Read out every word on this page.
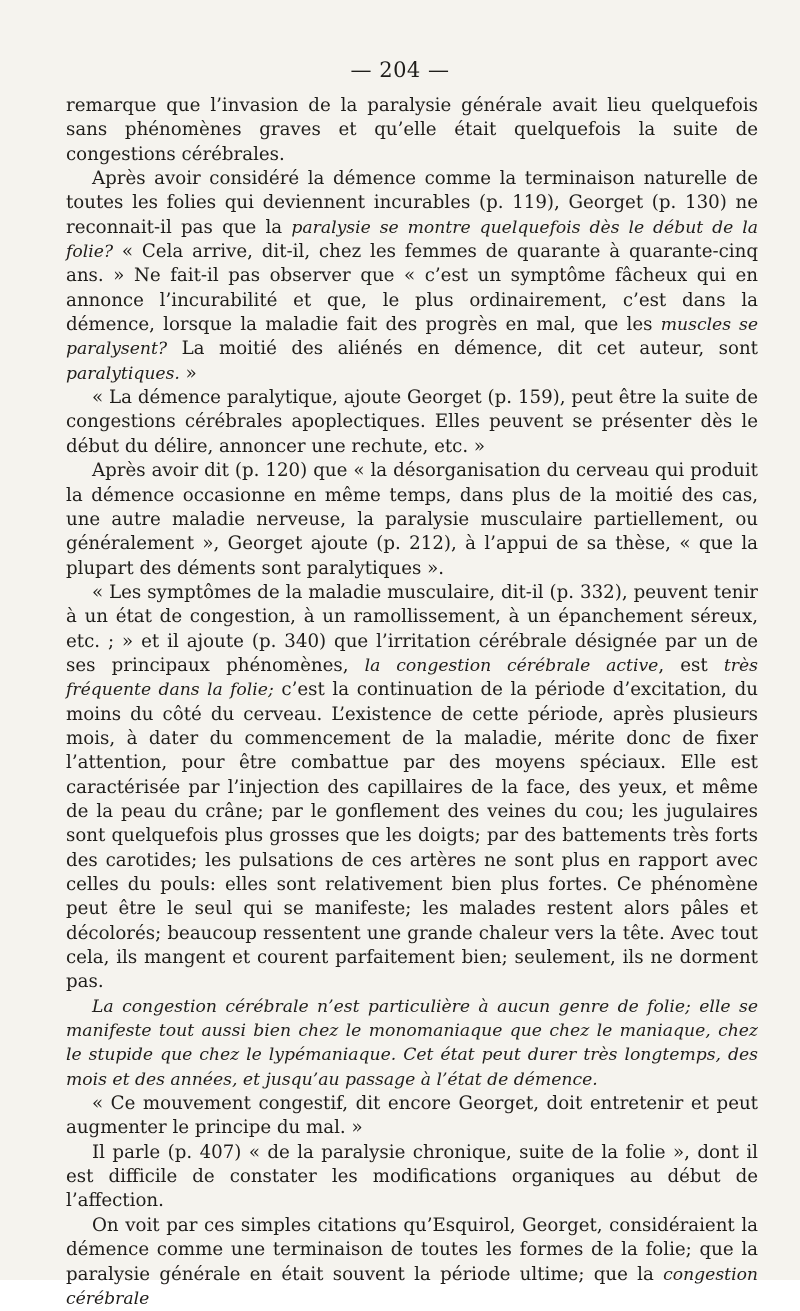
— 204 —

remarque que l’invasion de la paralysie générale avait lieu quelquefois sans phénomènes graves et qu’elle était quelquefois la suite de congestions cérébrales.

Après avoir considéré la démence comme la terminaison naturelle de toutes les folies qui deviennent incurables (p. 119), Georget (p. 130) ne reconnait-il pas que la paralysie se montre quelquefois dès le début de la folie? « Cela arrive, dit-il, chez les femmes de quarante à quarante-cinq ans. » Ne fait-il pas observer que « c’est un symptôme fâcheux qui en annonce l’incurabilité et que, le plus ordinairement, c’est dans la démence, lorsque la maladie fait des progrès en mal, que les muscles se paralysent? La moitié des aliénés en démence, dit cet auteur, sont paralytiques. »

« La démence paralytique, ajoute Georget (p. 159), peut être la suite de congestions cérébrales apoplectiques. Elles peuvent se présenter dès le début du délire, annoncer une rechute, etc. »

Après avoir dit (p. 120) que « la désorganisation du cerveau qui produit la démence occasionne en même temps, dans plus de la moitié des cas, une autre maladie nerveuse, la paralysie musculaire partiellement, ou généralement », Georget ajoute (p. 212), à l’appui de sa thèse, « que la plupart des déments sont paralytiques ».

« Les symptômes de la maladie musculaire, dit-il (p. 332), peuvent tenir à un état de congestion, à un ramollissement, à un épanchement séreux, etc. ; » et il ajoute (p. 340) que l’irritation cérébrale désignée par un de ses principaux phénomènes, la congestion cérébrale active, est très fréquente dans la folie; c’est la continuation de la période d’excitation, du moins du côté du cerveau. L’existence de cette période, après plusieurs mois, à dater du commencement de la maladie, mérite donc de fixer l’attention, pour être combattue par des moyens spéciaux. Elle est caractérisée par l’injection des capillaires de la face, des yeux, et même de la peau du crâne; par le gonflement des veines du cou; les jugulaires sont quelquefois plus grosses que les doigts; par des battements très forts des carotides; les pulsations de ces artères ne sont plus en rapport avec celles du pouls: elles sont relativement bien plus fortes. Ce phénomène peut être le seul qui se manifeste; les malades restent alors pâles et décolorés; beaucoup ressentent une grande chaleur vers la tête. Avec tout cela, ils mangent et courent parfaitement bien; seulement, ils ne dorment pas.

La congestion cérébrale n’est particulière à aucun genre de folie; elle se manifeste tout aussi bien chez le monomaniaque que chez le maniaque, chez le stupide que chez le lypémaniaque. Cet état peut durer très longtemps, des mois et des années, et jusqu’au passage à l’état de démence.

« Ce mouvement congestif, dit encore Georget, doit entretenir et peut augmenter le principe du mal. »

Il parle (p. 407) « de la paralysie chronique, suite de la folie », dont il est difficile de constater les modifications organiques au début de l’affection.

On voit par ces simples citations qu’Esquirol, Georget, considéraient la démence comme une terminaison de toutes les formes de la folie; que la paralysie générale en était souvent la période ultime; que la congestion cérébrale
